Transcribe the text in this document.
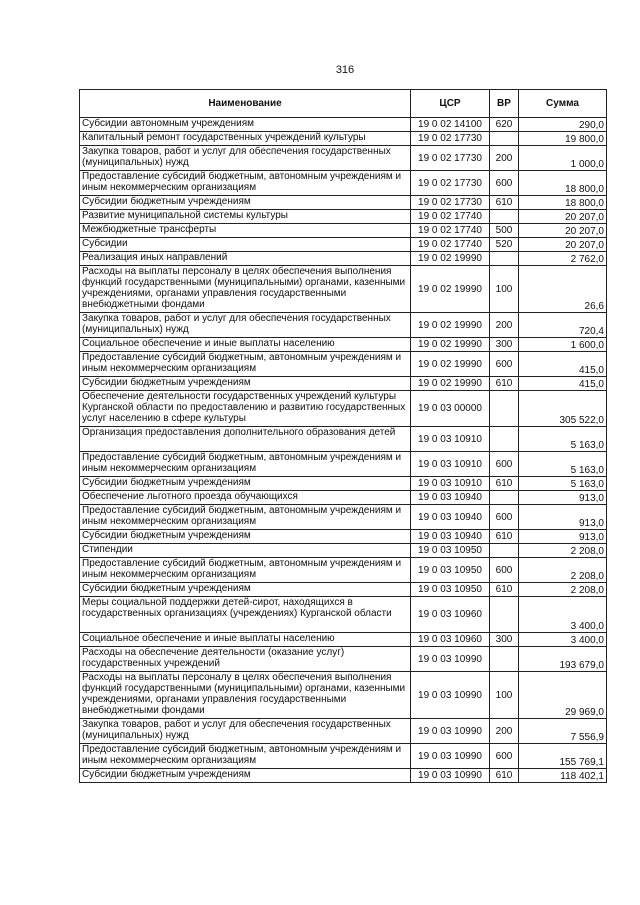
316
Наименование	ЦСР	ВР	Сумма
Субсидии автономным учреждениям	19 0 02 14100	620	290,0
Капитальный ремонт государственных учреждений культуры	19 0 02 17730		19 800,0
Закупка товаров, работ и услуг для обеспечения государственных (муниципальных) нужд	19 0 02 17730	200	1 000,0
Предоставление субсидий бюджетным, автономным учреждениям и иным некоммерческим организациям	19 0 02 17730	600	18 800,0
Субсидии бюджетным учреждениям	19 0 02 17730	610	18 800,0
Развитие муниципальной системы культуры	19 0 02 17740		20 207,0
Межбюджетные трансферты	19 0 02 17740	500	20 207,0
Субсидии	19 0 02 17740	520	20 207,0
Реализация иных направлений	19 0 02 19990		2 762,0
Расходы на выплаты персоналу в целях обеспечения выполнения функций государственными (муниципальными) органами, казенными учреждениями, органами управления государственными внебюджетными фондами	19 0 02 19990	100	26,6
Закупка товаров, работ и услуг для обеспечения государственных (муниципальных) нужд	19 0 02 19990	200	720,4
Социальное обеспечение и иные выплаты населению	19 0 02 19990	300	1 600,0
Предоставление субсидий бюджетным, автономным учреждениям и иным некоммерческим организациям	19 0 02 19990	600	415,0
Субсидии бюджетным учреждениям	19 0 02 19990	610	415,0
Обеспечение деятельности государственных учреждений культуры Курганской области по предоставлению и развитию государственных услуг населению в сфере культуры	19 0 03 00000		305 522,0
Организация предоставления дополнительного образования детей	19 0 03 10910		5 163,0
Предоставление субсидий бюджетным, автономным учреждениям и иным некоммерческим организациям	19 0 03 10910	600	5 163,0
Субсидии бюджетным учреждениям	19 0 03 10910	610	5 163,0
Обеспечение льготного проезда обучающихся	19 0 03 10940		913,0
Предоставление субсидий бюджетным, автономным учреждениям и иным некоммерческим организациям	19 0 03 10940	600	913,0
Субсидии бюджетным учреждениям	19 0 03 10940	610	913,0
Стипендии	19 0 03 10950		2 208,0
Предоставление субсидий бюджетным, автономным учреждениям и иным некоммерческим организациям	19 0 03 10950	600	2 208,0
Субсидии бюджетным учреждениям	19 0 03 10950	610	2 208,0
Меры социальной поддержки детей-сирот, находящихся в государственных организациях (учреждениях) Курганской области	19 0 03 10960		3 400,0
Социальное обеспечение и иные выплаты населению	19 0 03 10960	300	3 400,0
Расходы на обеспечение деятельности (оказание услуг) государственных учреждений	19 0 03 10990		193 679,0
Расходы на выплаты персоналу в целях обеспечения выполнения функций государственными (муниципальными) органами, казенными учреждениями, органами управления государственными внебюджетными фондами	19 0 03 10990	100	29 969,0
Закупка товаров, работ и услуг для обеспечения государственных (муниципальных) нужд	19 0 03 10990	200	7 556,9
Предоставление субсидий бюджетным, автономным учреждениям и иным некоммерческим организациям	19 0 03 10990	600	155 769,1
Субсидии бюджетным учреждениям	19 0 03 10990	610	118 402,1
